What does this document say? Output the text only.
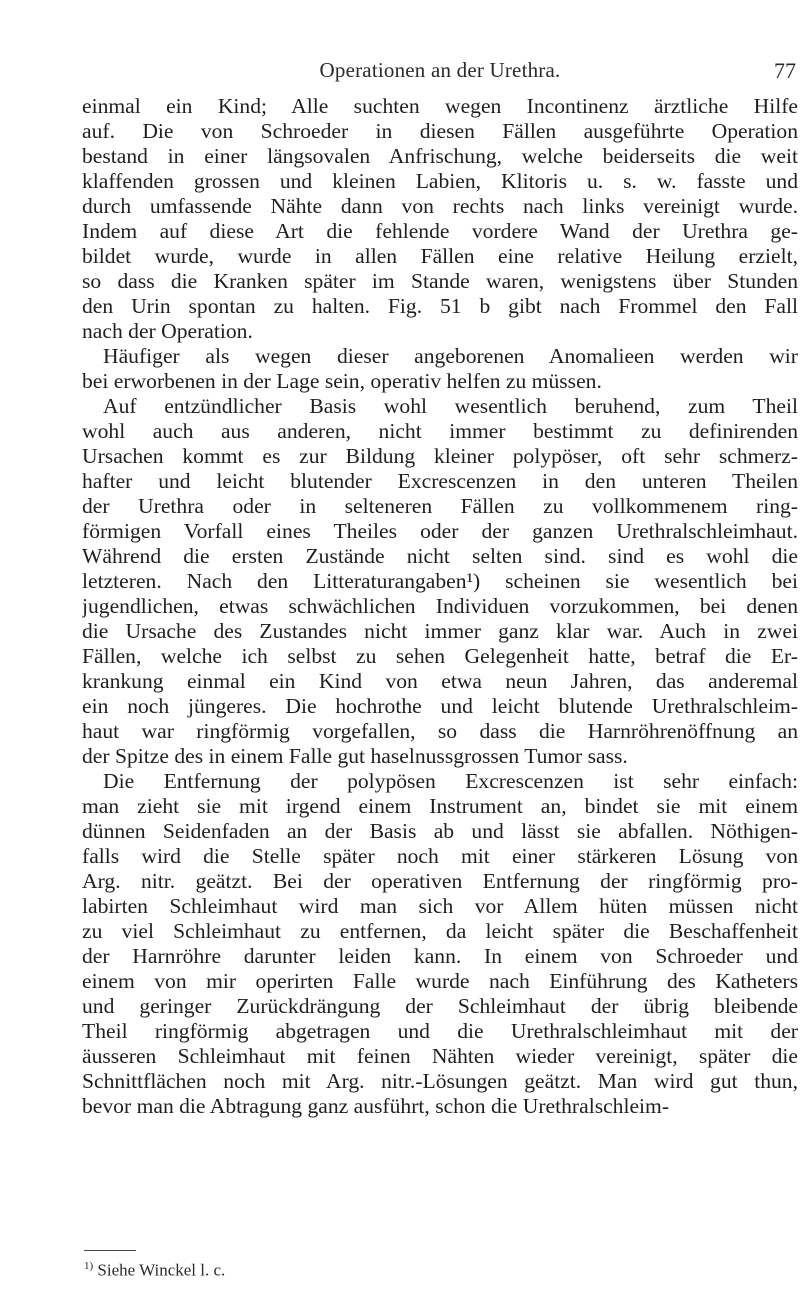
Operationen an der Urethra.	77
einmal ein Kind; Alle suchten wegen Incontinenz ärztliche Hilfe
auf. Die von Schroeder in diesen Fällen ausgeführte Operation
bestand in einer längsovalen Anfrischung, welche beiderseits die weit
klaffenden grossen und kleinen Labien, Klitoris u. s. w. fasste und
durch umfassende Nähte dann von rechts nach links vereinigt wurde.
Indem auf diese Art die fehlende vordere Wand der Urethra ge-
bildet wurde, wurde in allen Fällen eine relative Heilung erzielt,
so dass die Kranken später im Stande waren, wenigstens über Stunden
den Urin spontan zu halten. Fig. 51 b gibt nach Frommel den Fall
nach der Operation.
Häufiger als wegen dieser angeborenen Anomalieen werden wir
bei erworbenen in der Lage sein, operativ helfen zu müssen.
Auf entzündlicher Basis wohl wesentlich beruhend, zum Theil
wohl auch aus anderen, nicht immer bestimmt zu definirenden
Ursachen kommt es zur Bildung kleiner polypöser, oft sehr schmerz-
hafter und leicht blutender Excrescenzen in den unteren Theilen
der Urethra oder in selteneren Fällen zu vollkommenem ring-
förmigen Vorfall eines Theiles oder der ganzen Urethralschleimhaut.
Während die ersten Zustände nicht selten sind. sind es wohl die
letzteren. Nach den Litteraturangaben¹) scheinen sie wesentlich bei
jugendlichen, etwas schwächlichen Individuen vorzukommen, bei denen
die Ursache des Zustandes nicht immer ganz klar war. Auch in zwei
Fällen, welche ich selbst zu sehen Gelegenheit hatte, betraf die Er-
krankung einmal ein Kind von etwa neun Jahren, das anderemal
ein noch jüngeres. Die hochrothe und leicht blutende Urethralschleim-
haut war ringförmig vorgefallen, so dass die Harnröhrenöffnung an
der Spitze des in einem Falle gut haselnussgrossen Tumor sass.
Die Entfernung der polypösen Excrescenzen ist sehr einfach:
man zieht sie mit irgend einem Instrument an, bindet sie mit einem
dünnen Seidenfaden an der Basis ab und lässt sie abfallen. Nöthigen-
falls wird die Stelle später noch mit einer stärkeren Lösung von
Arg. nitr. geätzt. Bei der operativen Entfernung der ringförmig pro-
labirten Schleimhaut wird man sich vor Allem hüten müssen nicht
zu viel Schleimhaut zu entfernen, da leicht später die Beschaffenheit
der Harnröhre darunter leiden kann. In einem von Schroeder und
einem von mir operirten Falle wurde nach Einführung des Katheters
und geringer Zurückdrängung der Schleimhaut der übrig bleibende
Theil ringförmig abgetragen und die Urethralschleimhaut mit der
äusseren Schleimhaut mit feinen Nähten wieder vereinigt, später die
Schnittflächen noch mit Arg. nitr.-Lösungen geätzt. Man wird gut thun,
bevor man die Abtragung ganz ausführt, schon die Urethralschleim-
$^{1)}$ Siehe Winckel l. c.
